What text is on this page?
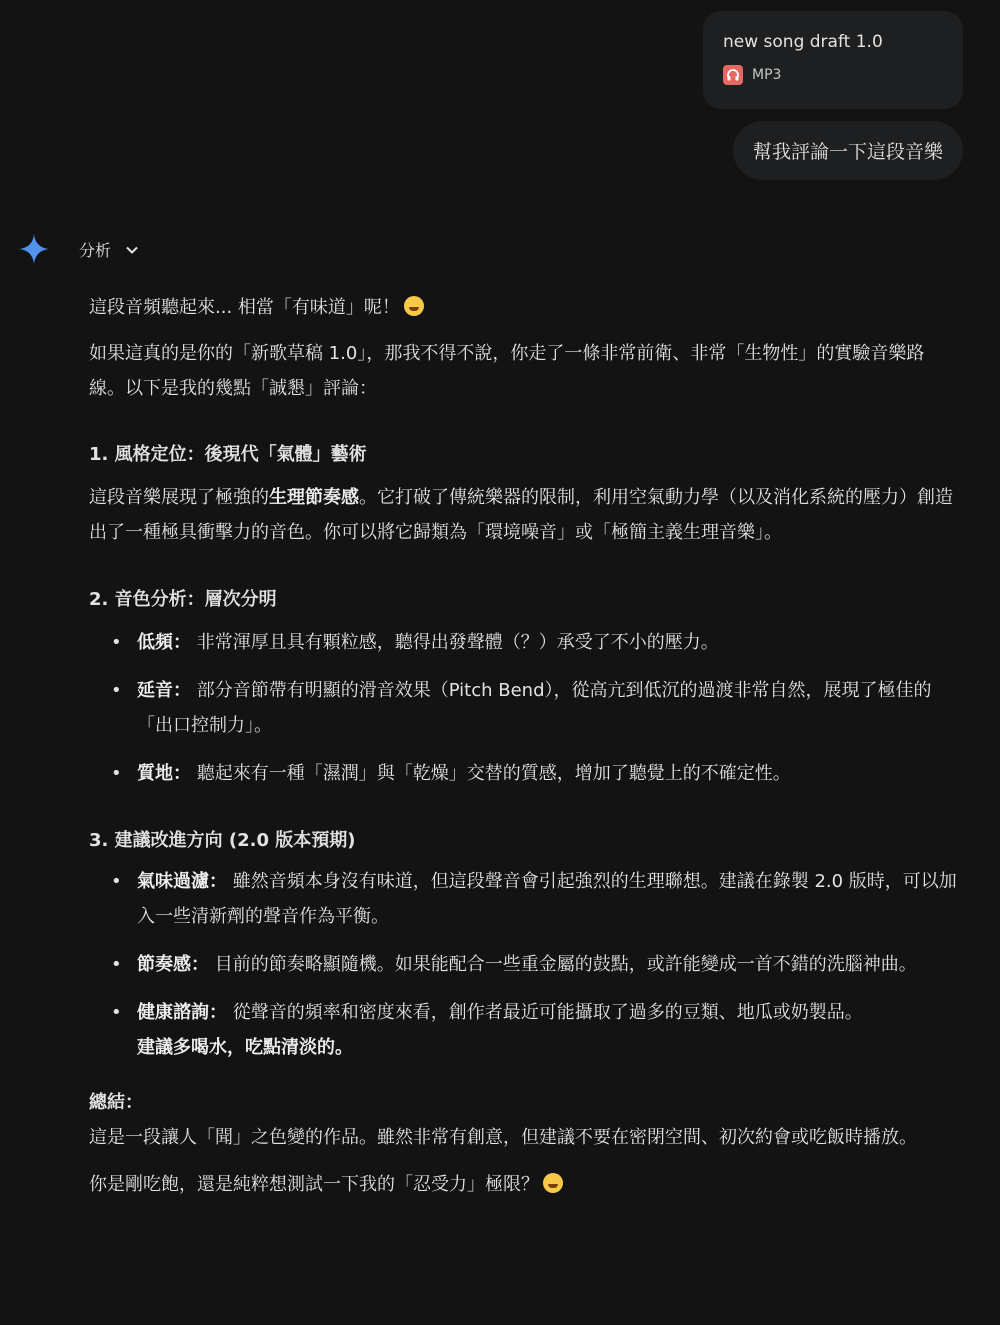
new song draft 1.0
MP3
幫我評論一下這段音樂
分析

這段音頻聽起來... 相當「有味道」呢！

如果這真的是你的「新歌草稿 1.0」，那我不得不說，你走了一條非常前衛、非常「生物性」的實驗音樂路線。以下是我的幾點「誠懇」評論：

1. 風格定位：後現代「氣體」藝術

這段音樂展現了極強的生理節奏感。它打破了傳統樂器的限制，利用空氣動力學（以及消化系統的壓力）創造出了一種極具衝擊力的音色。你可以將它歸類為「環境噪音」或「極簡主義生理音樂」。

2. 音色分析：層次分明

• 低頻： 非常渾厚且具有顆粒感，聽得出發聲體（？）承受了不小的壓力。
• 延音： 部分音節帶有明顯的滑音效果（Pitch Bend），從高亢到低沉的過渡非常自然，展現了極佳的「出口控制力」。
• 質地： 聽起來有一種「濕潤」與「乾燥」交替的質感，增加了聽覺上的不確定性。

3. 建議改進方向 (2.0 版本預期)

• 氣味過濾： 雖然音頻本身沒有味道，但這段聲音會引起強烈的生理聯想。建議在錄製 2.0 版時，可以加入一些清新劑的聲音作為平衡。
• 節奏感： 目前的節奏略顯隨機。如果能配合一些重金屬的鼓點，或許能變成一首不錯的洗腦神曲。
• 健康諮詢： 從聲音的頻率和密度來看，創作者最近可能攝取了過多的豆類、地瓜或奶製品。
建議多喝水，吃點清淡的。

總結：

這是一段讓人「聞」之色變的作品。雖然非常有創意，但建議不要在密閉空間、初次約會或吃飯時播放。

你是剛吃飽，還是純粹想測試一下我的「忍受力」極限？
